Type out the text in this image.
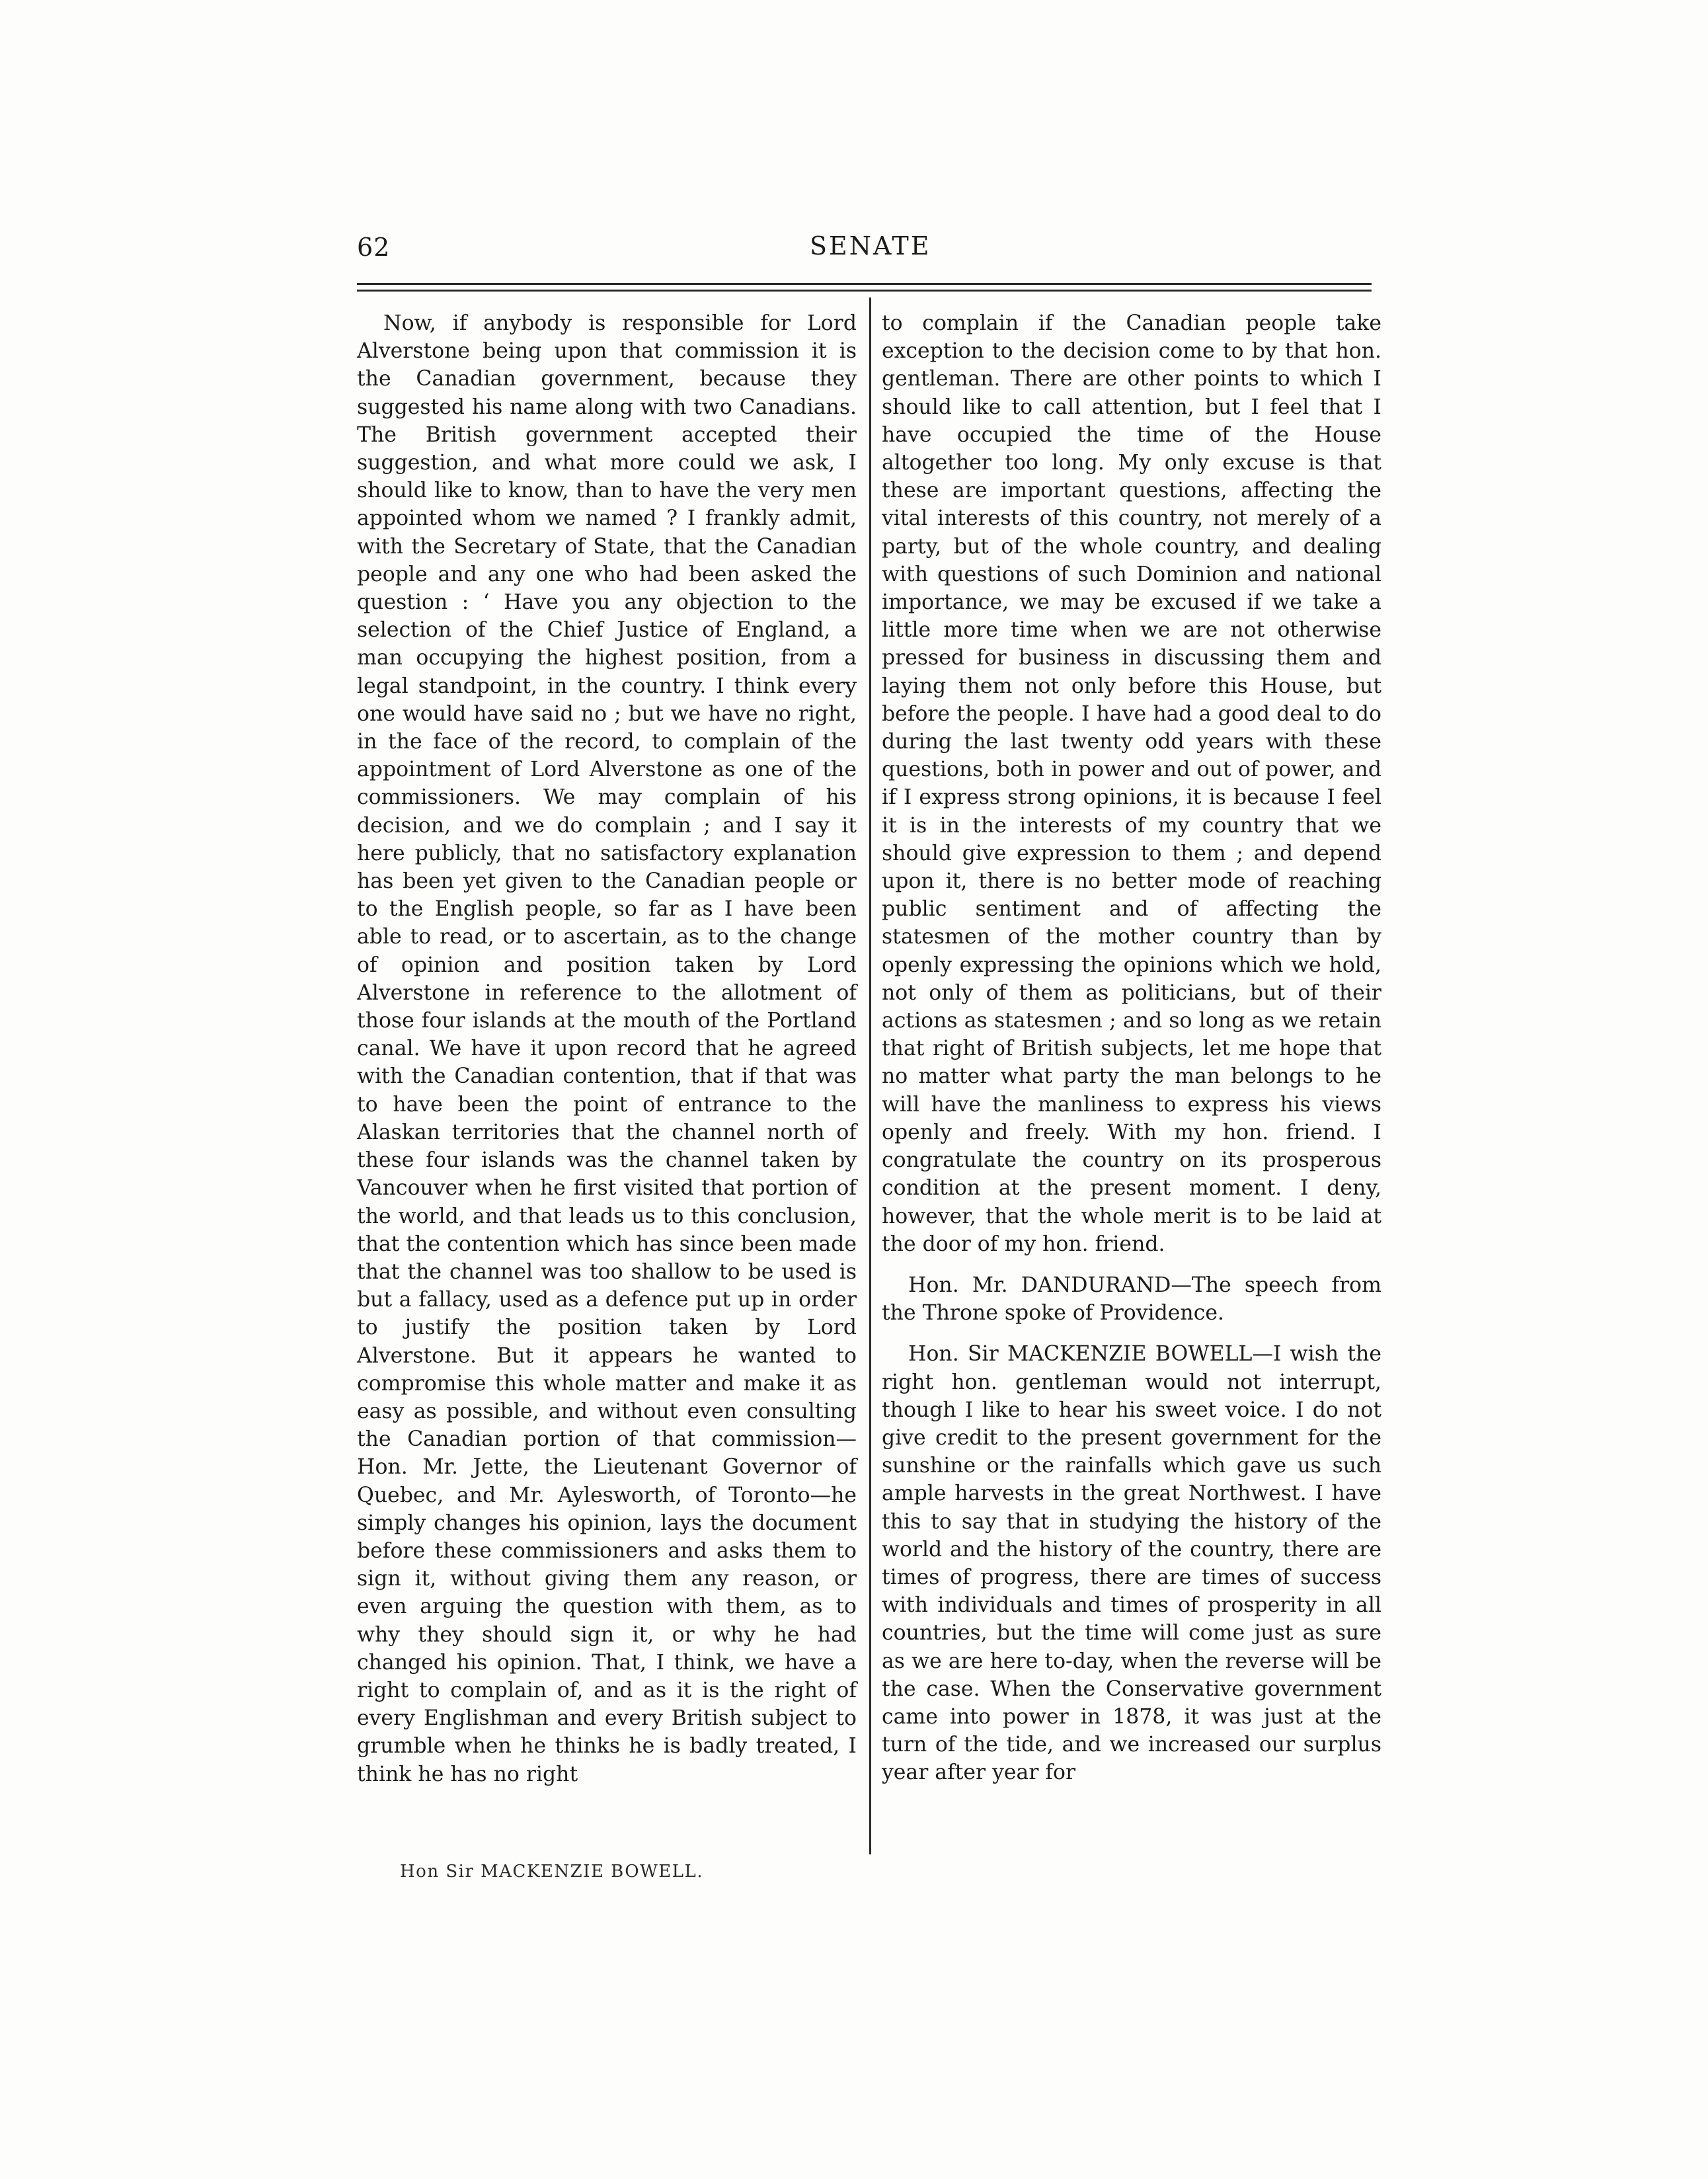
62	SENATE

Now, if anybody is responsible for Lord Alverstone being upon that commission it is the Canadian government, because they suggested his name along with two Canadians. The British government accepted their suggestion, and what more could we ask, I should like to know, than to have the very men appointed whom we named ? I frankly admit, with the Secretary of State, that the Canadian people and any one who had been asked the question : ‘ Have you any objection to the selection of the Chief Justice of England, a man occupying the highest position, from a legal standpoint, in the country. I think every one would have said no ; but we have no right, in the face of the record, to complain of the appointment of Lord Alverstone as one of the commissioners. We may complain of his decision, and we do complain ; and I say it here publicly, that no satisfactory explanation has been yet given to the Canadian people or to the English people, so far as I have been able to read, or to ascertain, as to the change of opinion and position taken by Lord Alverstone in reference to the allotment of those four islands at the mouth of the Portland canal. We have it upon record that he agreed with the Canadian contention, that if that was to have been the point of entrance to the Alaskan territories that the channel north of these four islands was the channel taken by Vancouver when he first visited that portion of the world, and that leads us to this conclusion, that the contention which has since been made that the channel was too shallow to be used is but a fallacy, used as a defence put up in order to justify the position taken by Lord Alverstone. But it appears he wanted to compromise this whole matter and make it as easy as possible, and without even consulting the Canadian portion of that commission—Hon. Mr. Jette, the Lieutenant Governor of Quebec, and Mr. Aylesworth, of Toronto—he simply changes his opinion, lays the document before these commissioners and asks them to sign it, without giving them any reason, or even arguing the question with them, as to why they should sign it, or why he had changed his opinion. That, I think, we have a right to complain of, and as it is the right of every Englishman and every British subject to grumble when he thinks he is badly treated, I think he has no right

to complain if the Canadian people take exception to the decision come to by that hon. gentleman. There are other points to which I should like to call attention, but I feel that I have occupied the time of the House altogether too long. My only excuse is that these are important questions, affecting the vital interests of this country, not merely of a party, but of the whole country, and dealing with questions of such Dominion and national importance, we may be excused if we take a little more time when we are not otherwise pressed for business in discussing them and laying them not only before this House, but before the people. I have had a good deal to do during the last twenty odd years with these questions, both in power and out of power, and if I express strong opinions, it is because I feel it is in the interests of my country that we should give expression to them ; and depend upon it, there is no better mode of reaching public sentiment and of affecting the statesmen of the mother country than by openly expressing the opinions which we hold, not only of them as politicians, but of their actions as statesmen ; and so long as we retain that right of British subjects, let me hope that no matter what party the man belongs to he will have the manliness to express his views openly and freely. With my hon. friend. I congratulate the country on its prosperous condition at the present moment. I deny, however, that the whole merit is to be laid at the door of my hon. friend.

Hon. Mr. DANDURAND—The speech from the Throne spoke of Providence.

Hon. Sir MACKENZIE BOWELL—I wish the right hon. gentleman would not interrupt, though I like to hear his sweet voice. I do not give credit to the present government for the sunshine or the rainfalls which gave us such ample harvests in the great Northwest. I have this to say that in studying the history of the world and the history of the country, there are times of progress, there are times of success with individuals and times of prosperity in all countries, but the time will come just as sure as we are here to-day, when the reverse will be the case. When the Conservative government came into power in 1878, it was just at the turn of the tide, and we increased our surplus year after year for

Hon Sir MACKENZIE BOWELL.
